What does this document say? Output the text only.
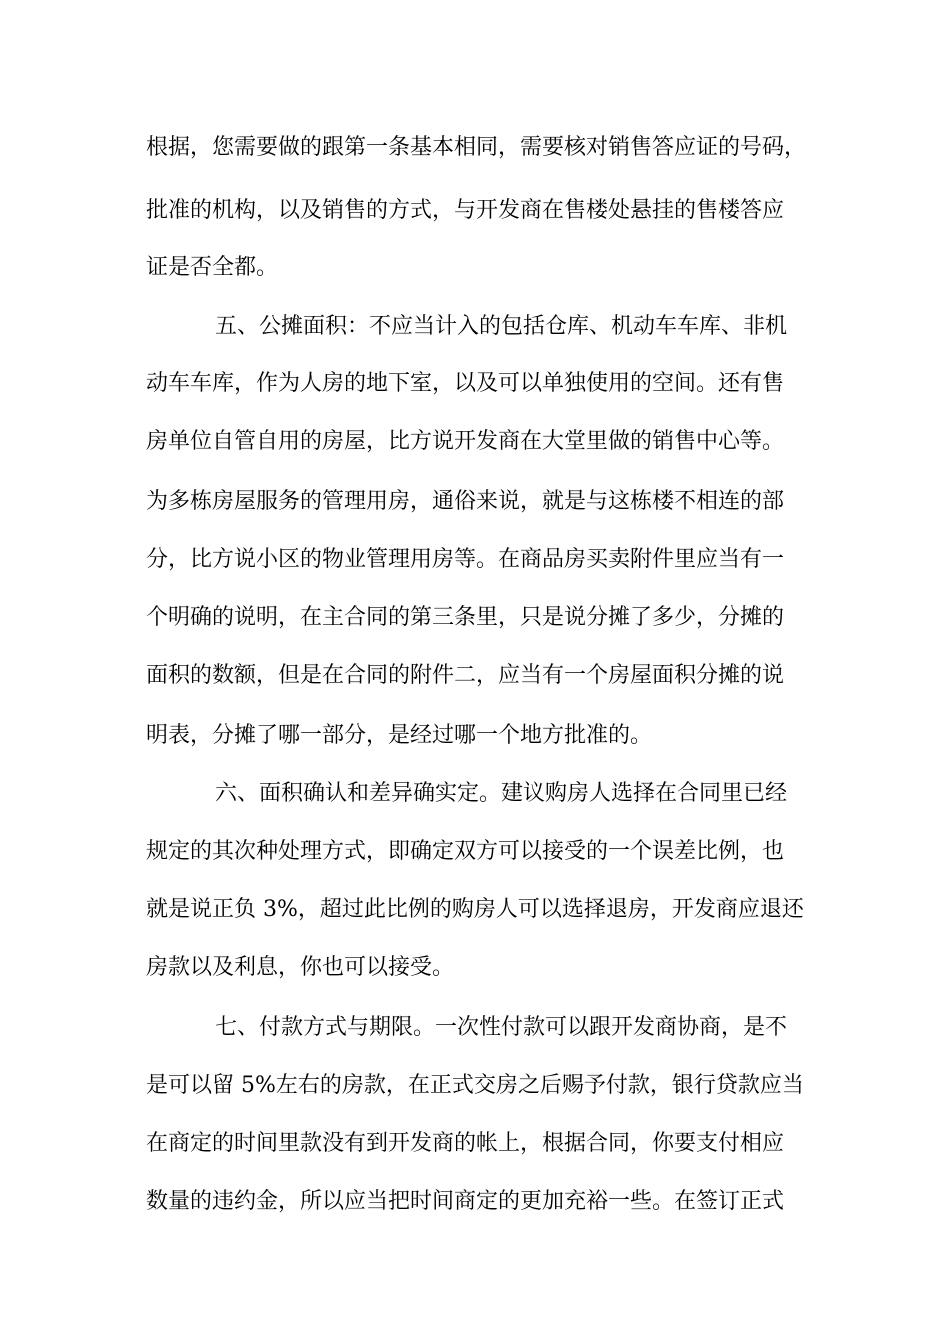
根据，您需要做的跟第一条基本相同，需要核对销售答应证的号码，
批准的机构，以及销售的方式，与开发商在售楼处悬挂的售楼答应
证是否全都。
五、公摊面积：不应当计入的包括仓库、机动车车库、非机
动车车库，作为人房的地下室，以及可以单独使用的空间。还有售
房单位自管自用的房屋，比方说开发商在大堂里做的销售中心等。
为多栋房屋服务的管理用房，通俗来说，就是与这栋楼不相连的部
分，比方说小区的物业管理用房等。在商品房买卖附件里应当有一
个明确的说明，在主合同的第三条里，只是说分摊了多少，分摊的
面积的数额，但是在合同的附件二，应当有一个房屋面积分摊的说
明表，分摊了哪一部分，是经过哪一个地方批准的。
六、面积确认和差异确实定。建议购房人选择在合同里已经
规定的其次种处理方式，即确定双方可以接受的一个误差比例，也
就是说正负 3%，超过此比例的购房人可以选择退房，开发商应退还
房款以及利息，你也可以接受。
七、付款方式与期限。一次性付款可以跟开发商协商，是不
是可以留 5%左右的房款，在正式交房之后赐予付款，银行贷款应当
在商定的时间里款没有到开发商的帐上，根据合同，你要支付相应
数量的违约金，所以应当把时间商定的更加充裕一些。在签订正式
